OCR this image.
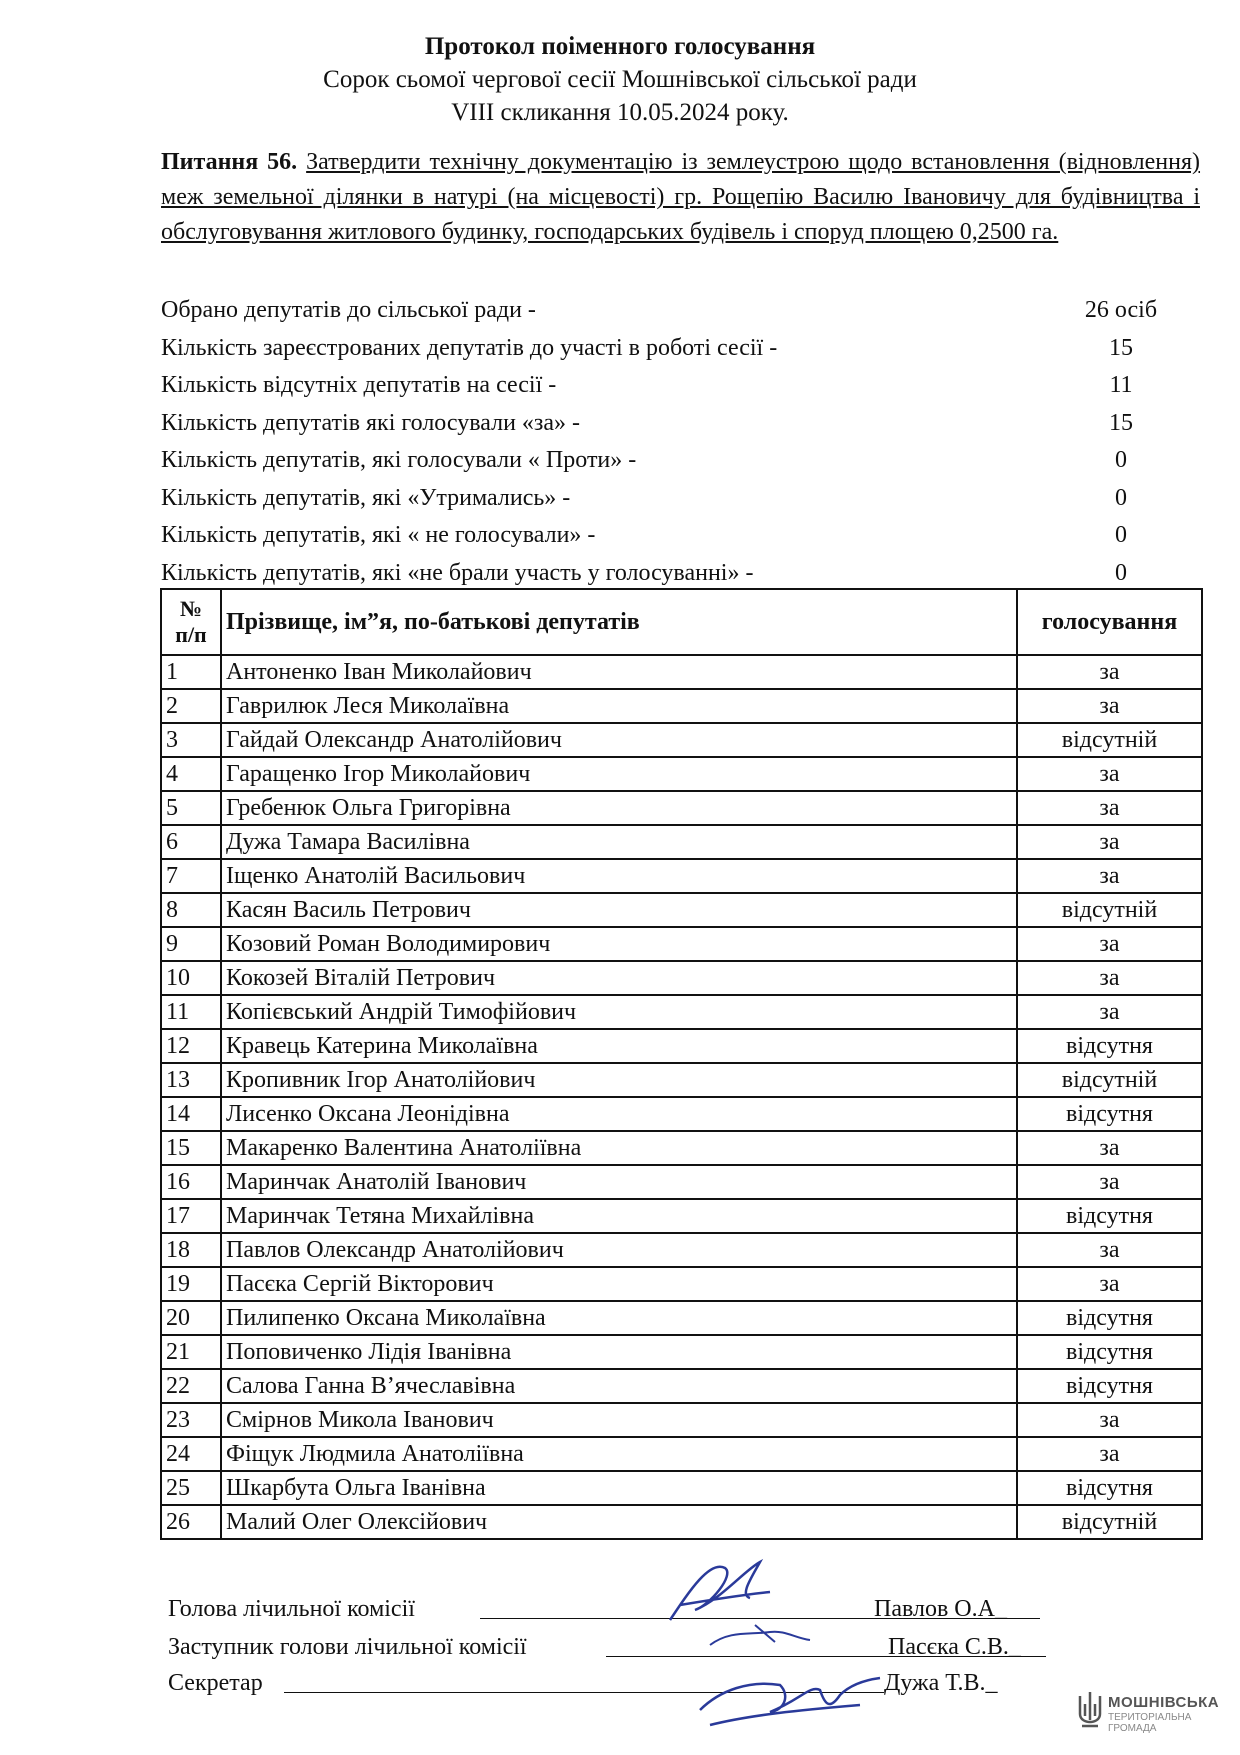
Протокол поіменного голосування
Сорок сьомої чергової сесії Мошнівської сільської ради
VIII скликання 10.05.2024 року.
Питання 56. Затвердити технічну документацію із землеустрою щодо встановлення (відновлення) меж земельної ділянки в натурі (на місцевості) гр. Рощепію Василю Івановичу для будівництва і обслуговування житлового будинку, господарських будівель і споруд площею 0,2500 га.
Обрано депутатів до сільської ради -	26 осіб
Кількість зареєстрованих депутатів до участі в роботі сесії -	15
Кількість відсутніх депутатів на сесії -	11
Кількість депутатів які голосували «за» -	15
Кількість депутатів, які голосували « Проти» -	0
Кількість депутатів, які «Утримались» -	0
Кількість депутатів, які « не голосували» -	0
Кількість депутатів, які «не брали участь у голосуванні» -	0
№
п/п	Прізвище, ім”я, по-батькові депутатів	голосування
1	Антоненко Іван Миколайович	за
2	Гаврилюк Леся Миколаївна	за
3	Гайдай Олександр Анатолійович	відсутній
4	Гаращенко Ігор Миколайович	за
5	Гребенюк Ольга Григорівна	за
6	Дужа Тамара Василівна	за
7	Іщенко Анатолій Васильович	за
8	Касян Василь Петрович	відсутній
9	Козовий Роман Володимирович	за
10	Кокозей Віталій Петрович	за
11	Копієвський Андрій Тимофійович	за
12	Кравець Катерина Миколаївна	відсутня
13	Кропивник Ігор Анатолійович	відсутній
14	Лисенко Оксана Леонідівна	відсутня
15	Макаренко Валентина Анатоліївна	за
16	Маринчак Анатолій Іванович	за
17	Маринчак Тетяна Михайлівна	відсутня
18	Павлов Олександр Анатолійович	за
19	Пасєка Сергій Вікторович	за
20	Пилипенко Оксана Миколаївна	відсутня
21	Поповиченко Лідія Іванівна	відсутня
22	Салова Ганна В’ячеславівна	відсутня
23	Смірнов Микола Іванович	за
24	Фіщук Людмила Анатоліївна	за
25	Шкарбута Ольга Іванівна	відсутня
26	Малий Олег Олексійович	відсутній
Голова лічильної комісії	Павлов О.А_
Заступник голови лічильної комісії	Пасєка С.В._
Секретар	Дужа Т.В._
МОШНІВСЬКА
ТЕРИТОРІАЛЬНА ГРОМАДА
